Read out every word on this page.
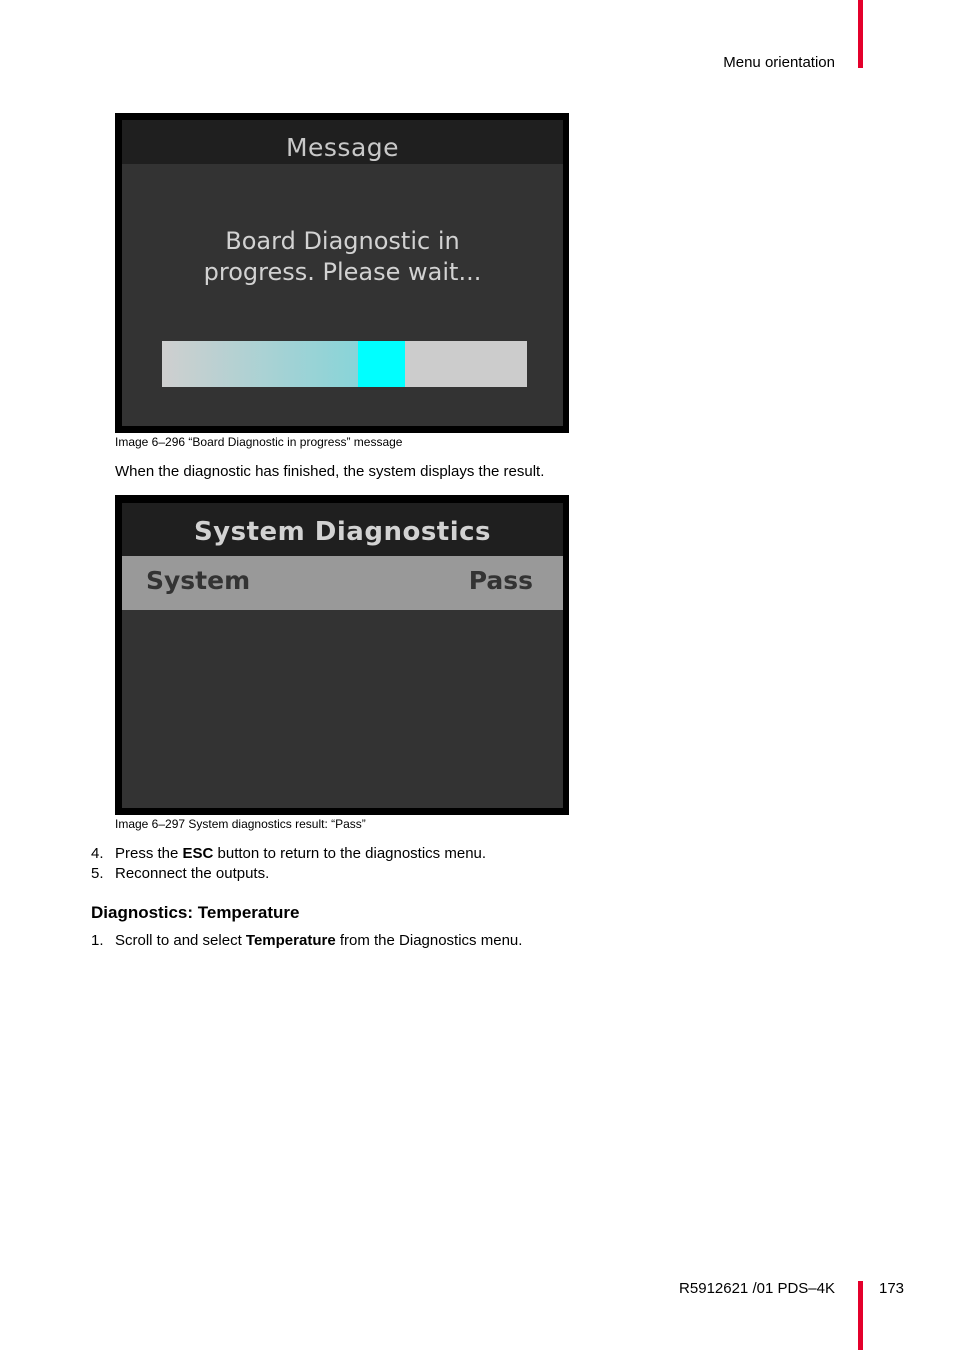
Menu orientation
Message
Board Diagnostic in
progress. Please wait...
Image 6–296 “Board Diagnostic in progress” message
When the diagnostic has finished, the system displays the result.
System Diagnostics
System	Pass
Image 6–297 System diagnostics result: “Pass”
4. Press the ESC button to return to the diagnostics menu.
5. Reconnect the outputs.
Diagnostics: Temperature
1. Scroll to and select Temperature from the Diagnostics menu.
R5912621 /01 PDS–4K	173
